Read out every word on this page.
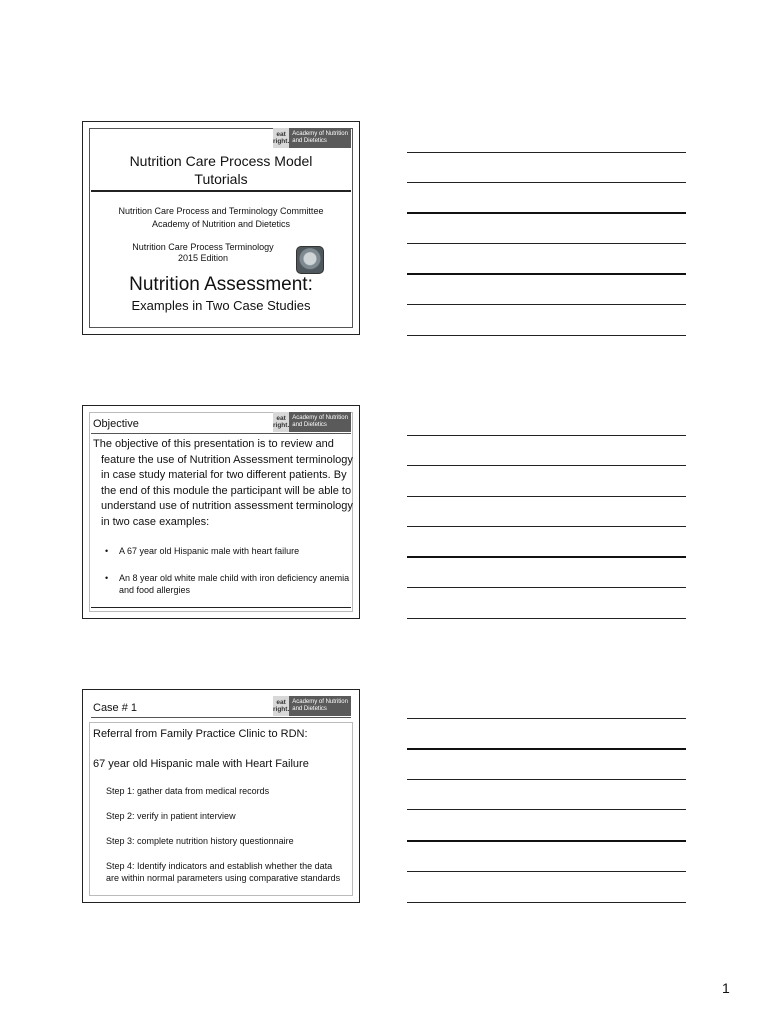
eat right.
Academy of Nutrition and Dietetics
Nutrition Care Process Model Tutorials
Nutrition Care Process and Terminology Committee
Academy of Nutrition and Dietetics
Nutrition Care Process Terminology
2015 Edition
Nutrition Assessment:
Examples in Two Case Studies
eat right.
Academy of Nutrition and Dietetics
Objective
The objective of this presentation is to review and feature the use of Nutrition Assessment terminology in case study material for two different patients. By the end of this module the participant will be able to understand use of nutrition assessment terminology in two case examples:
•	A 67 year old Hispanic male with heart failure
•	An 8 year old white male child with iron deficiency anemia and food allergies
eat right.
Academy of Nutrition and Dietetics
Case # 1
Referral from Family Practice Clinic to RDN:
67 year old Hispanic male with Heart Failure
Step 1: gather data from medical records
Step 2: verify in patient interview
Step 3: complete nutrition history questionnaire
Step 4: Identify indicators and establish whether the data are within normal parameters using comparative standards
1
